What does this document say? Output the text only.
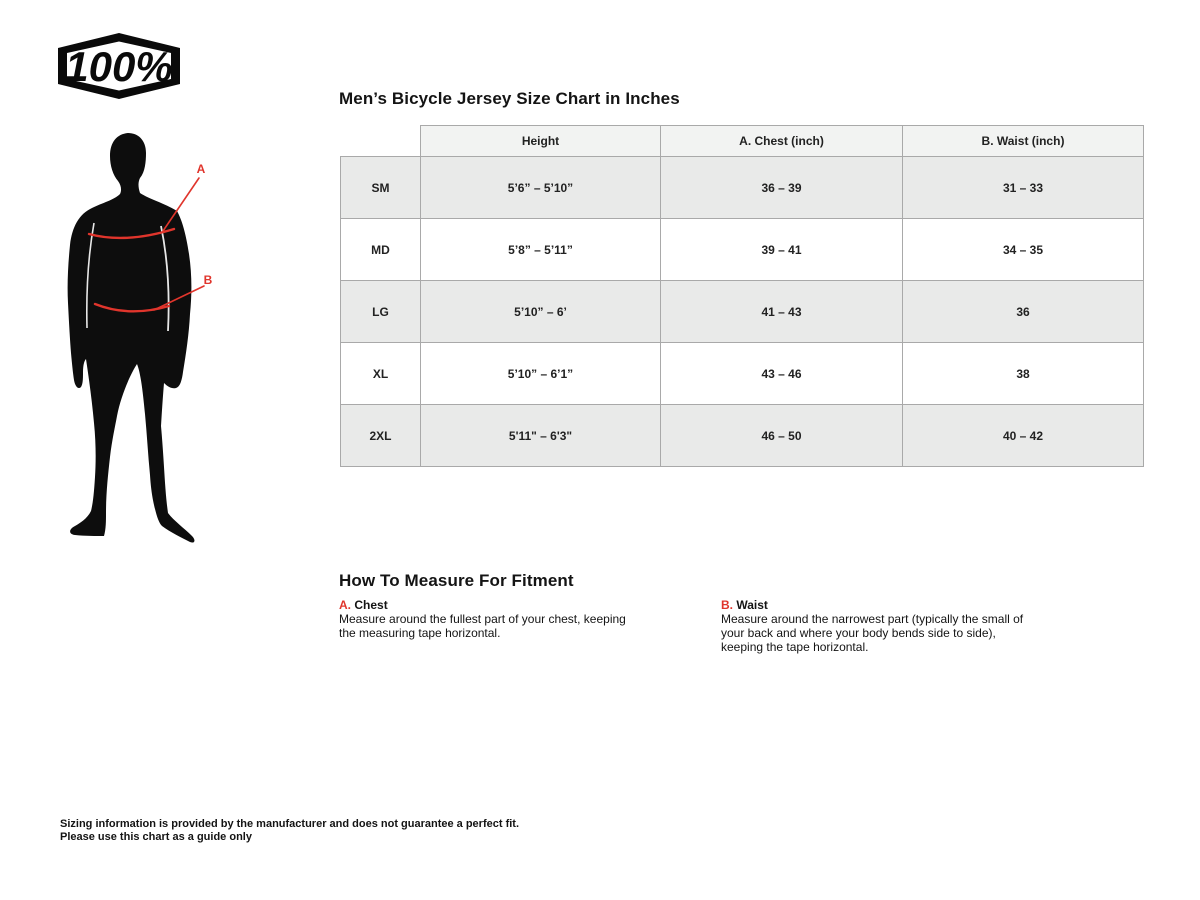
100%
A
B
Men’s Bicycle Jersey Size Chart in Inches
	Height	A. Chest (inch)	B. Waist (inch)
SM	5’6” – 5’10”	36 – 39	31 – 33
MD	5’8” – 5’11”	39 – 41	34 – 35
LG	5’10” – 6’	41 – 43	36
XL	5’10” – 6’1”	43 – 46	38
2XL	5'11" – 6'3"	46 – 50	40 – 42
How To Measure For Fitment
A. Chest

Measure around the fullest part of your chest, keeping the measuring tape horizontal.

B. Waist

Measure around the narrowest part (typically the small of your back and where your body bends side to side), keeping the tape horizontal.

Sizing information is provided by the manufacturer and does not guarantee a perfect fit.
Please use this chart as a guide only
